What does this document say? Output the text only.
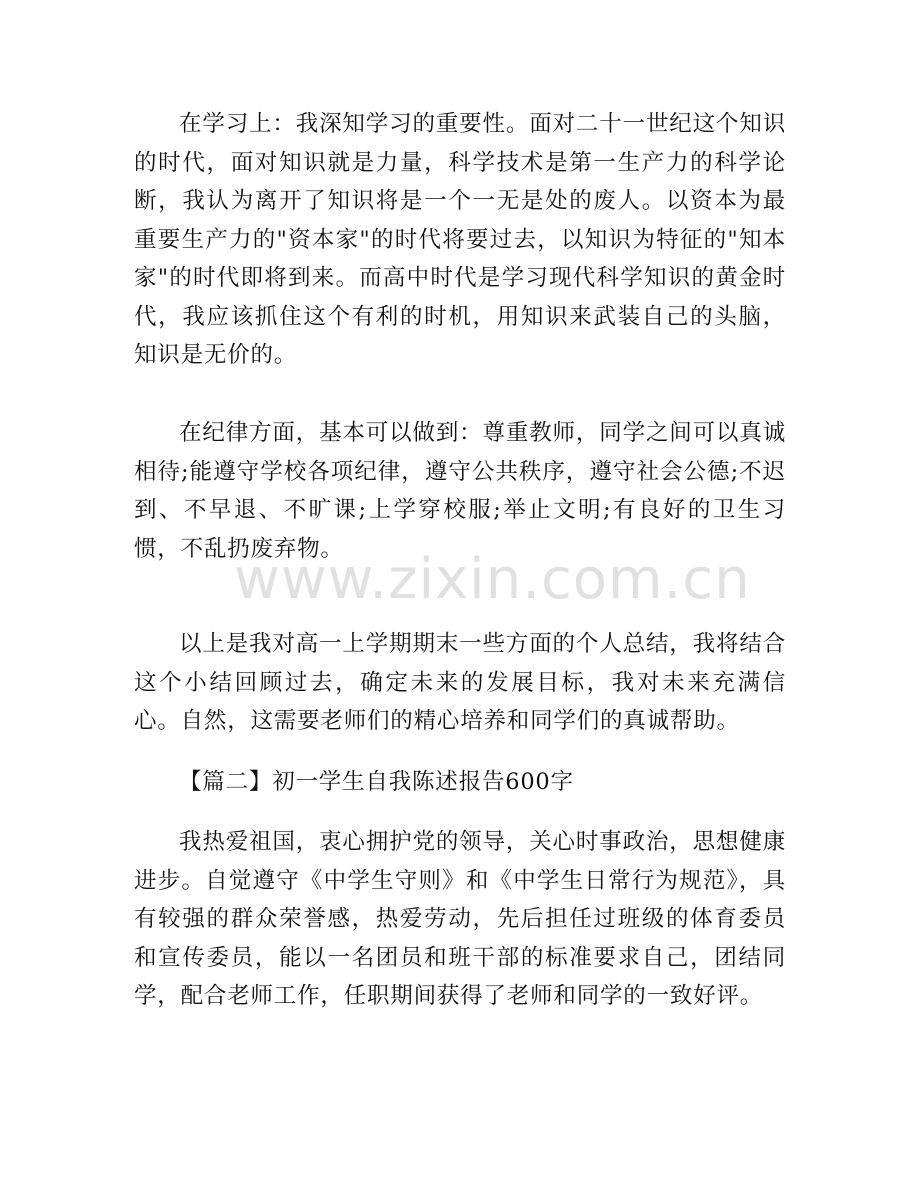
在学习上：我深知学习的重要性。面对二十一世纪这个知识的时代，面对知识就是力量，科学技术是第一生产力的科学论断，我认为离开了知识将是一个一无是处的废人。以资本为最重要生产力的"资本家"的时代将要过去，以知识为特征的"知本家"的时代即将到来。而高中时代是学习现代科学知识的黄金时代，我应该抓住这个有利的时机，用知识来武装自己的头脑，知识是无价的。

在纪律方面，基本可以做到：尊重教师，同学之间可以真诚相待;能遵守学校各项纪律，遵守公共秩序，遵守社会公德;不迟到、不早退、不旷课;上学穿校服;举止文明;有良好的卫生习惯，不乱扔废弃物。

以上是我对高一上学期期末一些方面的个人总结，我将结合这个小结回顾过去，确定未来的发展目标，我对未来充满信心。自然，这需要老师们的精心培养和同学们的真诚帮助。

【篇二】初一学生自我陈述报告600字

我热爱祖国，衷心拥护党的领导，关心时事政治，思想健康进步。自觉遵守《中学生守则》和《中学生日常行为规范》，具有较强的群众荣誉感，热爱劳动，先后担任过班级的体育委员和宣传委员，能以一名团员和班干部的标准要求自己，团结同学，配合老师工作，任职期间获得了老师和同学的一致好评。

www.zixin.com.cn
